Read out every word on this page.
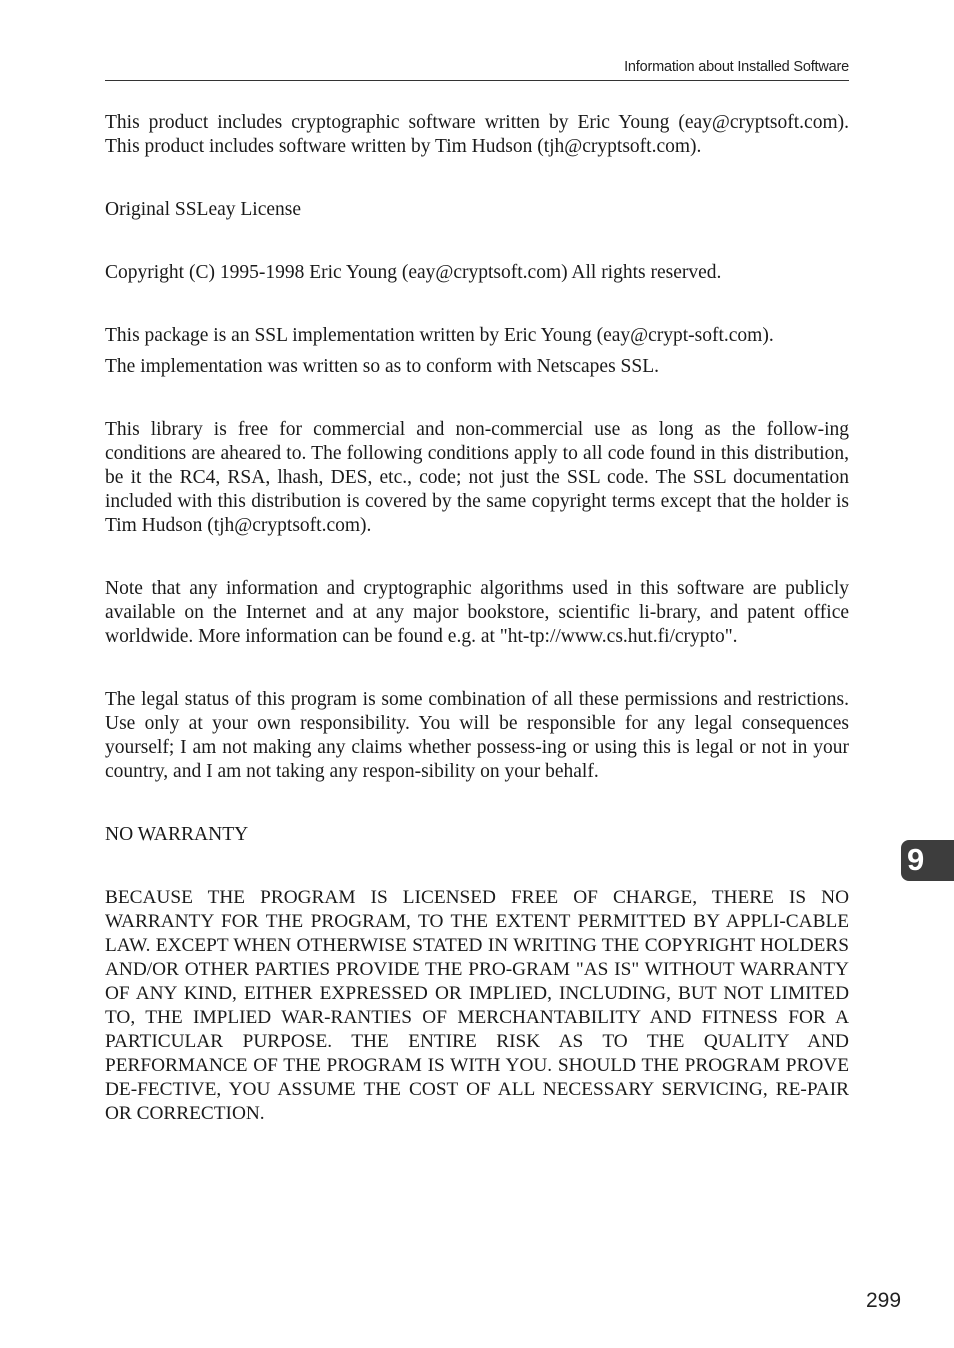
Information about Installed Software

This product includes cryptographic software written by Eric Young (eay@cryptsoft.com). This product includes software written by Tim Hudson (tjh@cryptsoft.com).

Original SSLeay License

Copyright (C) 1995-1998 Eric Young (eay@cryptsoft.com) All rights reserved.

This package is an SSL implementation written by Eric Young (eay@crypt-soft.com).

The implementation was written so as to conform with Netscapes SSL.

This library is free for commercial and non-commercial use as long as the follow-ing conditions are aheared to. The following conditions apply to all code found in this distribution, be it the RC4, RSA, lhash, DES, etc., code; not just the SSL code. The SSL documentation included with this distribution is covered by the same copyright terms except that the holder is Tim Hudson (tjh@cryptsoft.com).

Note that any information and cryptographic algorithms used in this software are publicly available on the Internet and at any major bookstore, scientific li-brary, and patent office worldwide. More information can be found e.g. at "ht-tp://www.cs.hut.fi/crypto".

The legal status of this program is some combination of all these permissions and restrictions. Use only at your own responsibility. You will be responsible for any legal consequences yourself; I am not making any claims whether possess-ing or using this is legal or not in your country, and I am not taking any respon-sibility on your behalf.

NO WARRANTY

BECAUSE THE PROGRAM IS LICENSED FREE OF CHARGE, THERE IS NO WARRANTY FOR THE PROGRAM, TO THE EXTENT PERMITTED BY APPLI-CABLE LAW. EXCEPT WHEN OTHERWISE STATED IN WRITING THE COPYRIGHT HOLDERS AND/OR OTHER PARTIES PROVIDE THE PRO-GRAM "AS IS" WITHOUT WARRANTY OF ANY KIND, EITHER EXPRESSED OR IMPLIED, INCLUDING, BUT NOT LIMITED TO, THE IMPLIED WAR-RANTIES OF MERCHANTABILITY AND FITNESS FOR A PARTICULAR PURPOSE. THE ENTIRE RISK AS TO THE QUALITY AND PERFORMANCE OF THE PROGRAM IS WITH YOU. SHOULD THE PROGRAM PROVE DE-FECTIVE, YOU ASSUME THE COST OF ALL NECESSARY SERVICING, RE-PAIR OR CORRECTION.

9
299
